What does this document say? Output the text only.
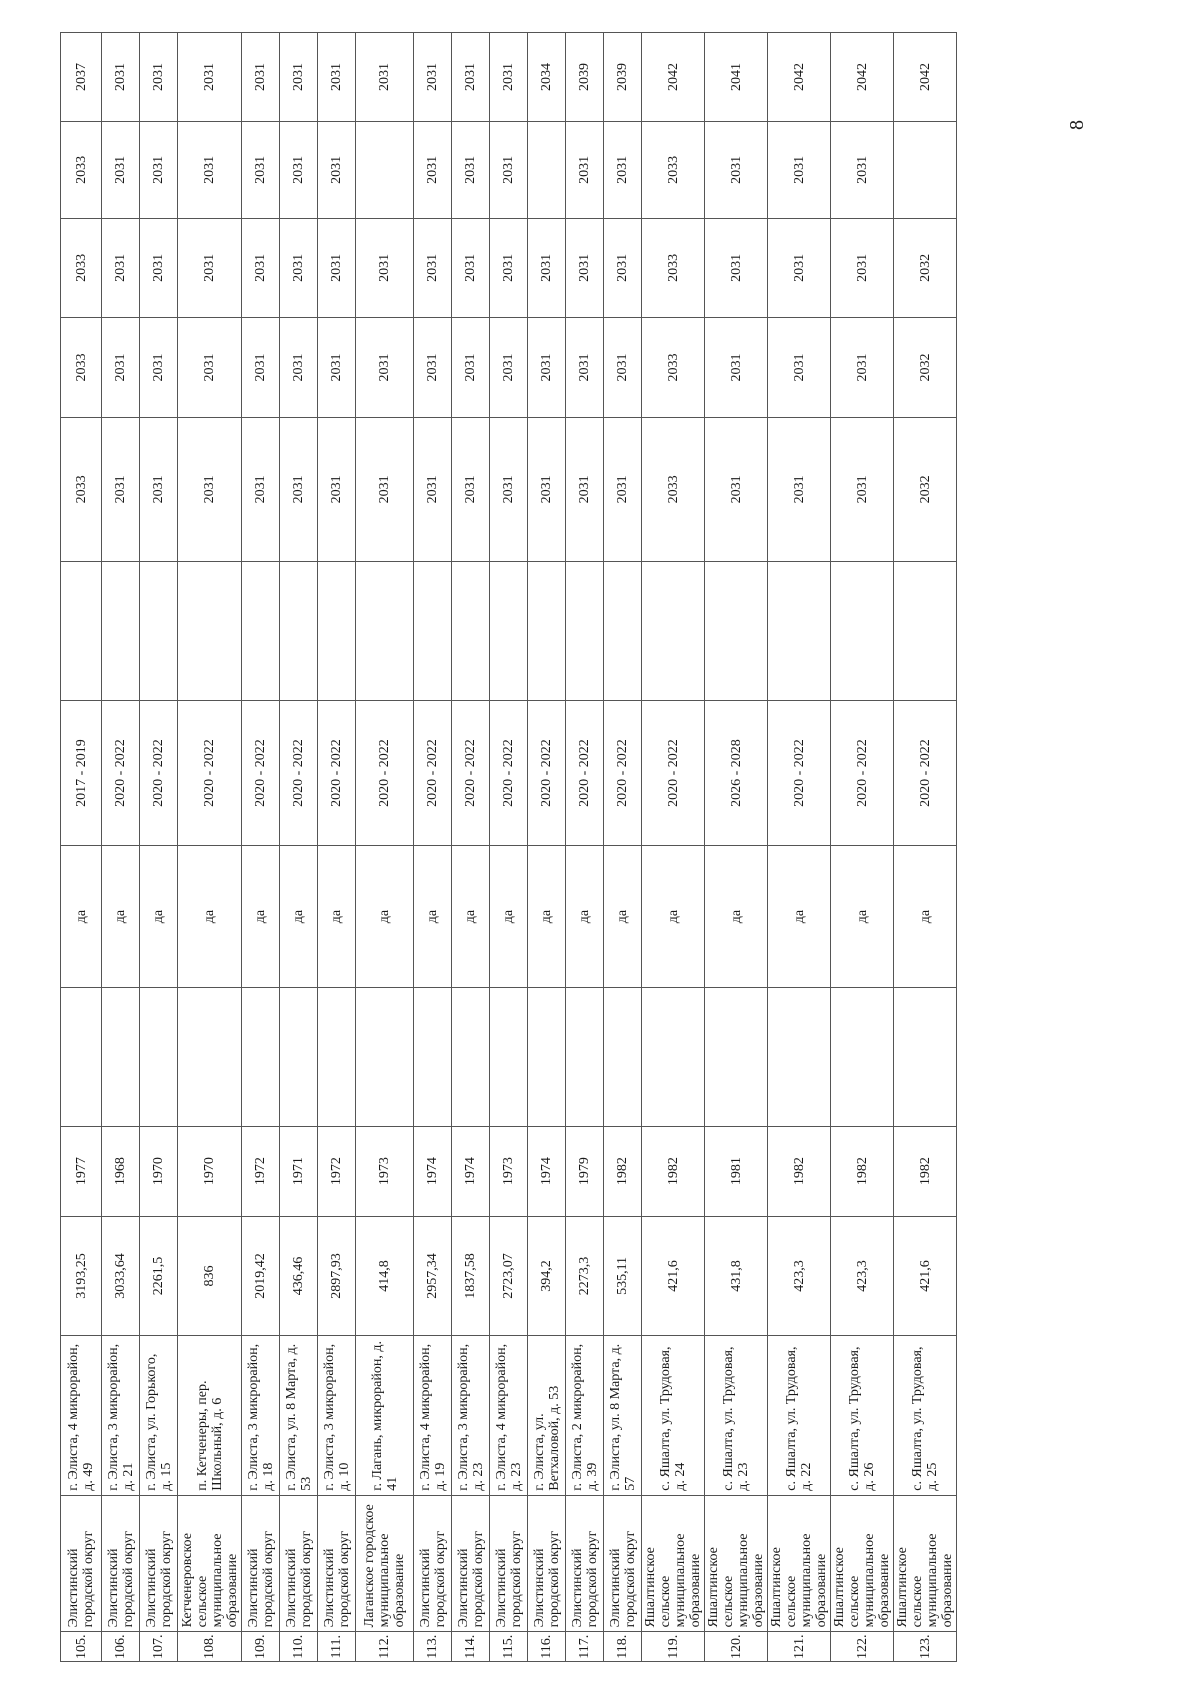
105.	Элистинский городской округ	г. Элиста, 4 микрорайон, д. 49	3193,25	1977		да	2017 - 2019		2033	2033	2033	2033	2037
106.	Элистинский городской округ	г. Элиста, 3 микрорайон, д. 21	3033,64	1968		да	2020 - 2022		2031	2031	2031	2031	2031
107.	Элистинский городской округ	г. Элиста, ул. Горького, д. 15	2261,5	1970		да	2020 - 2022		2031	2031	2031	2031	2031
108.	Кетченеровское сельское муниципальное образование	п. Кетченеры, пер. Школьный, д. 6	836	1970		да	2020 - 2022		2031	2031	2031	2031	2031
109.	Элистинский городской округ	г. Элиста, 3 микрорайон, д. 18	2019,42	1972		да	2020 - 2022		2031	2031	2031	2031	2031
110.	Элистинский городской округ	г. Элиста, ул. 8 Марта, д. 53	436,46	1971		да	2020 - 2022		2031	2031	2031	2031	2031
111.	Элистинский городской округ	г. Элиста, 3 микрорайон, д. 10	2897,93	1972		да	2020 - 2022		2031	2031	2031	2031	2031
112.	Лаганское городское муниципальное образование	г. Лагань, микрорайон, д. 41	414,8	1973		да	2020 - 2022		2031	2031	2031		2031
113.	Элистинский городской округ	г. Элиста, 4 микрорайон, д. 19	2957,34	1974		да	2020 - 2022		2031	2031	2031	2031	2031
114.	Элистинский городской округ	г. Элиста, 3 микрорайон, д. 23	1837,58	1974		да	2020 - 2022		2031	2031	2031	2031	2031
115.	Элистинский городской округ	г. Элиста, 4 микрорайон, д. 23	2723,07	1973		да	2020 - 2022		2031	2031	2031	2031	2031
116.	Элистинский городской округ	г. Элиста, ул. Ветхаловой, д. 53	394,2	1974		да	2020 - 2022		2031	2031	2031		2034
117.	Элистинский городской округ	г. Элиста, 2 микрорайон, д. 39	2273,3	1979		да	2020 - 2022		2031	2031	2031	2031	2039
118.	Элистинский городской округ	г. Элиста, ул. 8 Марта, д. 57	535,11	1982		да	2020 - 2022		2031	2031	2031	2031	2039
119.	Яшалтинское сельское муниципальное образование	с. Яшалта, ул. Трудовая, д. 24	421,6	1982		да	2020 - 2022		2033	2033	2033	2033	2042
120.	Яшалтинское сельское муниципальное образование	с. Яшалта, ул. Трудовая, д. 23	431,8	1981		да	2026 - 2028		2031	2031	2031	2031	2041
121.	Яшалтинское сельское муниципальное образование	с. Яшалта, ул. Трудовая, д. 22	423,3	1982		да	2020 - 2022		2031	2031	2031	2031	2042
122.	Яшалтинское сельское муниципальное образование	с. Яшалта, ул. Трудовая, д. 26	423,3	1982		да	2020 - 2022		2031	2031	2031	2031	2042
123.	Яшалтинское сельское муниципальное образование	с. Яшалта, ул. Трудовая, д. 25	421,6	1982		да	2020 - 2022		2032	2032	2032		2042
8
